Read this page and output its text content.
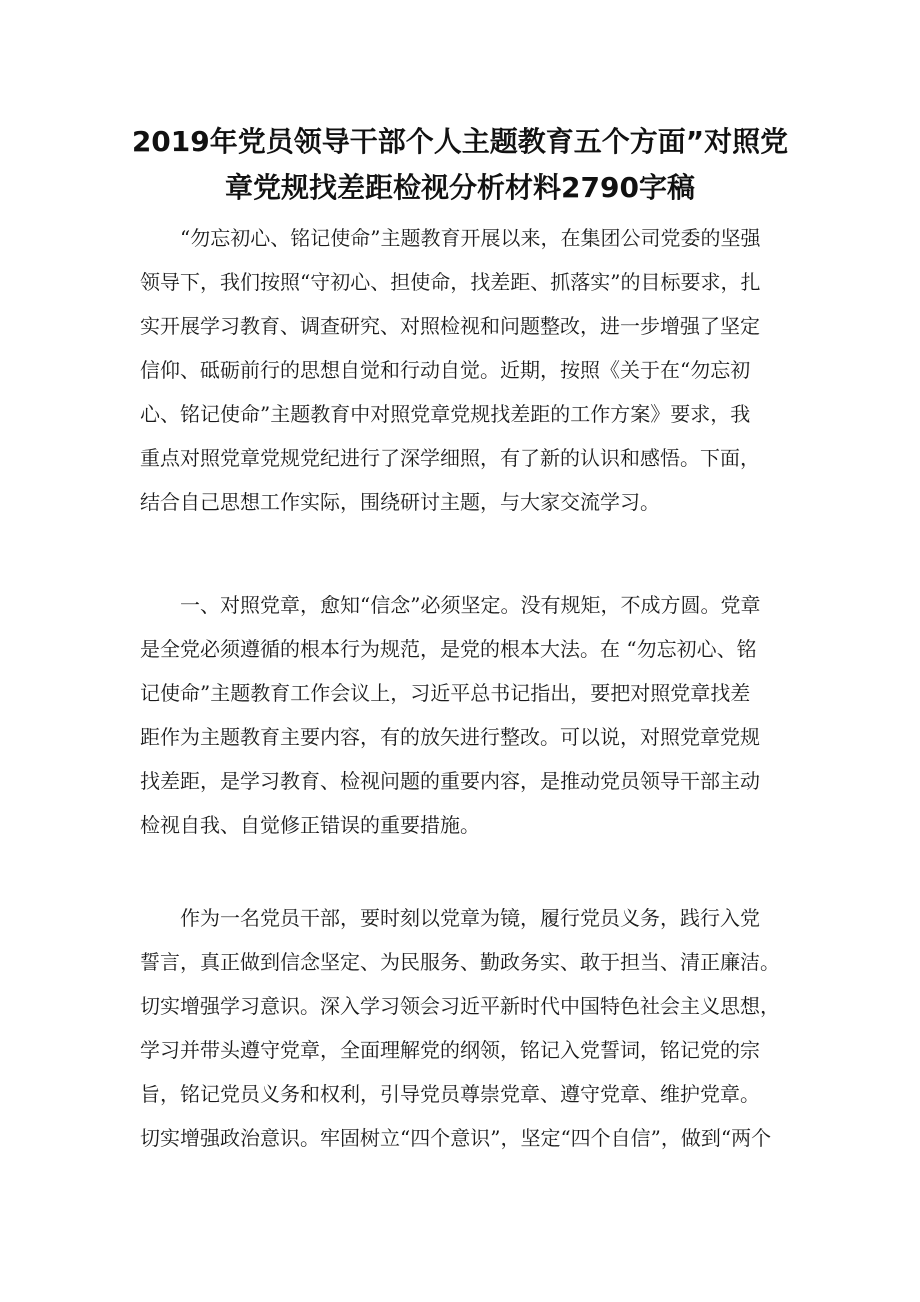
2019年党员领导干部个人主题教育五个方面”对照党
章党规找差距检视分析材料2790字稿
“勿忘初心、铭记使命”主题教育开展以来，在集团公司党委的坚强
领导下，我们按照“守初心、担使命，找差距、抓落实”的目标要求，扎
实开展学习教育、调查研究、对照检视和问题整改，进一步增强了坚定
信仰、砥砺前行的思想自觉和行动自觉。近期，按照《关于在“勿忘初
心、铭记使命”主题教育中对照党章党规找差距的工作方案》要求，我
重点对照党章党规党纪进行了深学细照，有了新的认识和感悟。下面，
结合自己思想工作实际，围绕研讨主题，与大家交流学习。
一、对照党章，愈知“信念”必须坚定。没有规矩，不成方圆。党章
是全党必须遵循的根本行为规范，是党的根本大法。在 “勿忘初心、铭
记使命”主题教育工作会议上，习近平总书记指出，要把对照党章找差
距作为主题教育主要内容，有的放矢进行整改。可以说，对照党章党规
找差距，是学习教育、检视问题的重要内容，是推动党员领导干部主动
检视自我、自觉修正错误的重要措施。
作为一名党员干部，要时刻以党章为镜，履行党员义务，践行入党
誓言，真正做到信念坚定、为民服务、勤政务实、敢于担当、清正廉洁。
切实增强学习意识。深入学习领会习近平新时代中国特色社会主义思想，
学习并带头遵守党章，全面理解党的纲领，铭记入党誓词，铭记党的宗
旨，铭记党员义务和权利，引导党员尊崇党章、遵守党章、维护党章。
切实增强政治意识。牢固树立“四个意识”，坚定“四个自信”，做到“两个
